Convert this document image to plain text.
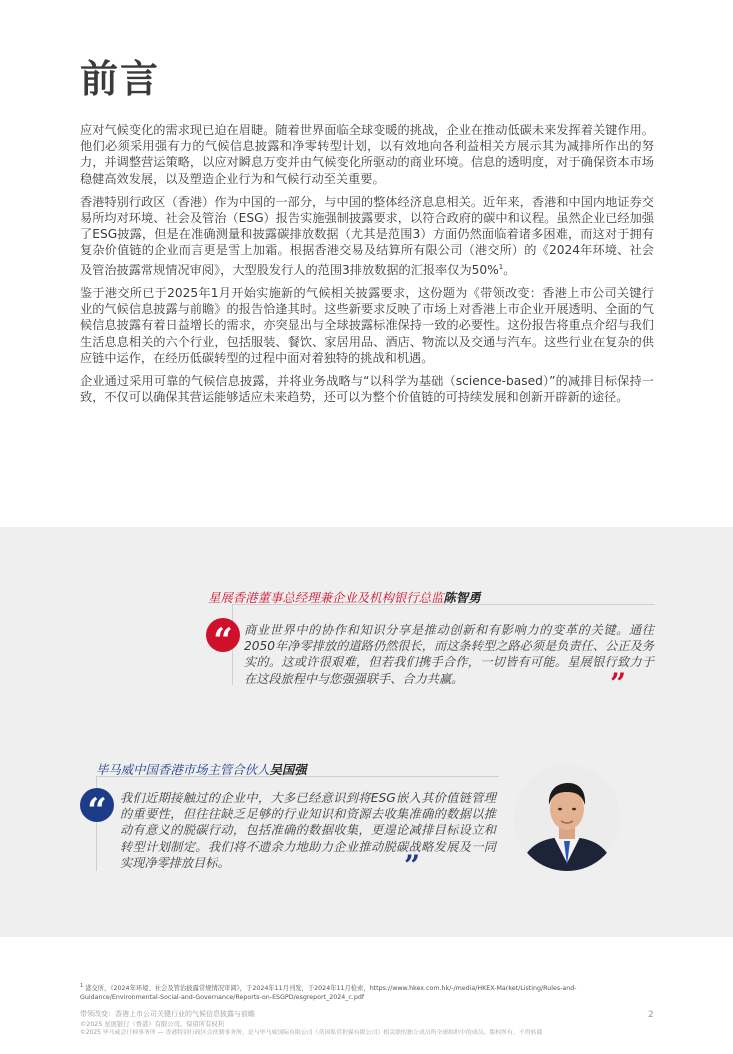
前言

应对气候变化的需求现已迫在眉睫。随着世界面临全球变暖的挑战，企业在推动低碳未来发挥着关键作用。他们必须采用强有力的气候信息披露和净零转型计划，以有效地向各利益相关方展示其为减排所作出的努力，并调整营运策略，以应对瞬息万变并由气候变化所驱动的商业环境。信息的透明度，对于确保资本市场稳健高效发展，以及塑造企业行为和气候行动至关重要。

香港特别行政区（香港）作为中国的一部分，与中国的整体经济息息相关。近年来，香港和中国内地证券交易所均对环境、社会及管治（ESG）报告实施强制披露要求，以符合政府的碳中和议程。虽然企业已经加强了ESG披露，但是在准确测量和披露碳排放数据（尤其是范围3）方面仍然面临着诸多困难，而这对于拥有复杂价值链的企业而言更是雪上加霜。根据香港交易及结算所有限公司（港交所）的《2024年环境、社会及管治披露常规情况审阅》，大型股发行人的范围3排放数据的汇报率仅为50%$^1$。

鉴于港交所已于2025年1月开始实施新的气候相关披露要求，这份题为《带领改变：香港上市公司关键行业的气候信息披露与前瞻》的报告恰逢其时。这些新要求反映了市场上对香港上市企业开展透明、全面的气候信息披露有着日益增长的需求，亦突显出与全球披露标准保持一致的必要性。这份报告将重点介绍与我们生活息息相关的六个行业，包括服装、餐饮、家居用品、酒店、物流以及交通与汽车。这些行业在复杂的供应链中运作，在经历低碳转型的过程中面对着独特的挑战和机遇。

企业通过采用可靠的气候信息披露，并将业务战略与“以科学为基础（science-based）”的减排目标保持一致，不仅可以确保其营运能够适应未来趋势，还可以为整个价值链的可持续发展和创新开辟新的途径。

星展香港董事总经理兼企业及机构银行总监陈智勇

“ 商业世界中的协作和知识分享是推动创新和有影响力的变革的关键。通往2050年净零排放的道路仍然很长，而这条转型之路必须是负责任、公正及务实的。这或许很艰难，但若我们携手合作，一切皆有可能。星展银行致力于在这段旅程中与您强强联手、合力共赢。	”

毕马威中国香港市场主管合伙人吴国强

“	我们近期接触过的企业中，大多已经意识到将ESG嵌入其价值链管理的重要性，但往往缺乏足够的行业知识和资源去收集准确的数据以推动有意义的脱碳行动，包括准确的数据收集，更遑论减排目标设立和转型计划制定。我们将不遗余力地助力企业推动脱碳战略发展及一同实现净零排放目标。	”

$^1$ 港交所，《2024年环境、社会及管治披露常规情况审阅》，于2024年11月刊发，于2024年11月检索，https://www.hkex.com.hk/-/media/HKEX-Market/Listing/Rules-and-Guidance/Environmental-Social-and-Governance/Reports-on-ESGPD/esgreport_2024_c.pdf

带领改变：香港上市公司关键行业的气候信息披露与前瞻

©2025 星展银行（香港）有限公司。保留所有权利

©2025 毕马威会计师事务所 — 香港特别行政区合伙制事务所，是与毕马威国际有限公司（英国私营担保有限公司）相关联的独立成员所全球组织中的成员。版权所有，不得转载

2
